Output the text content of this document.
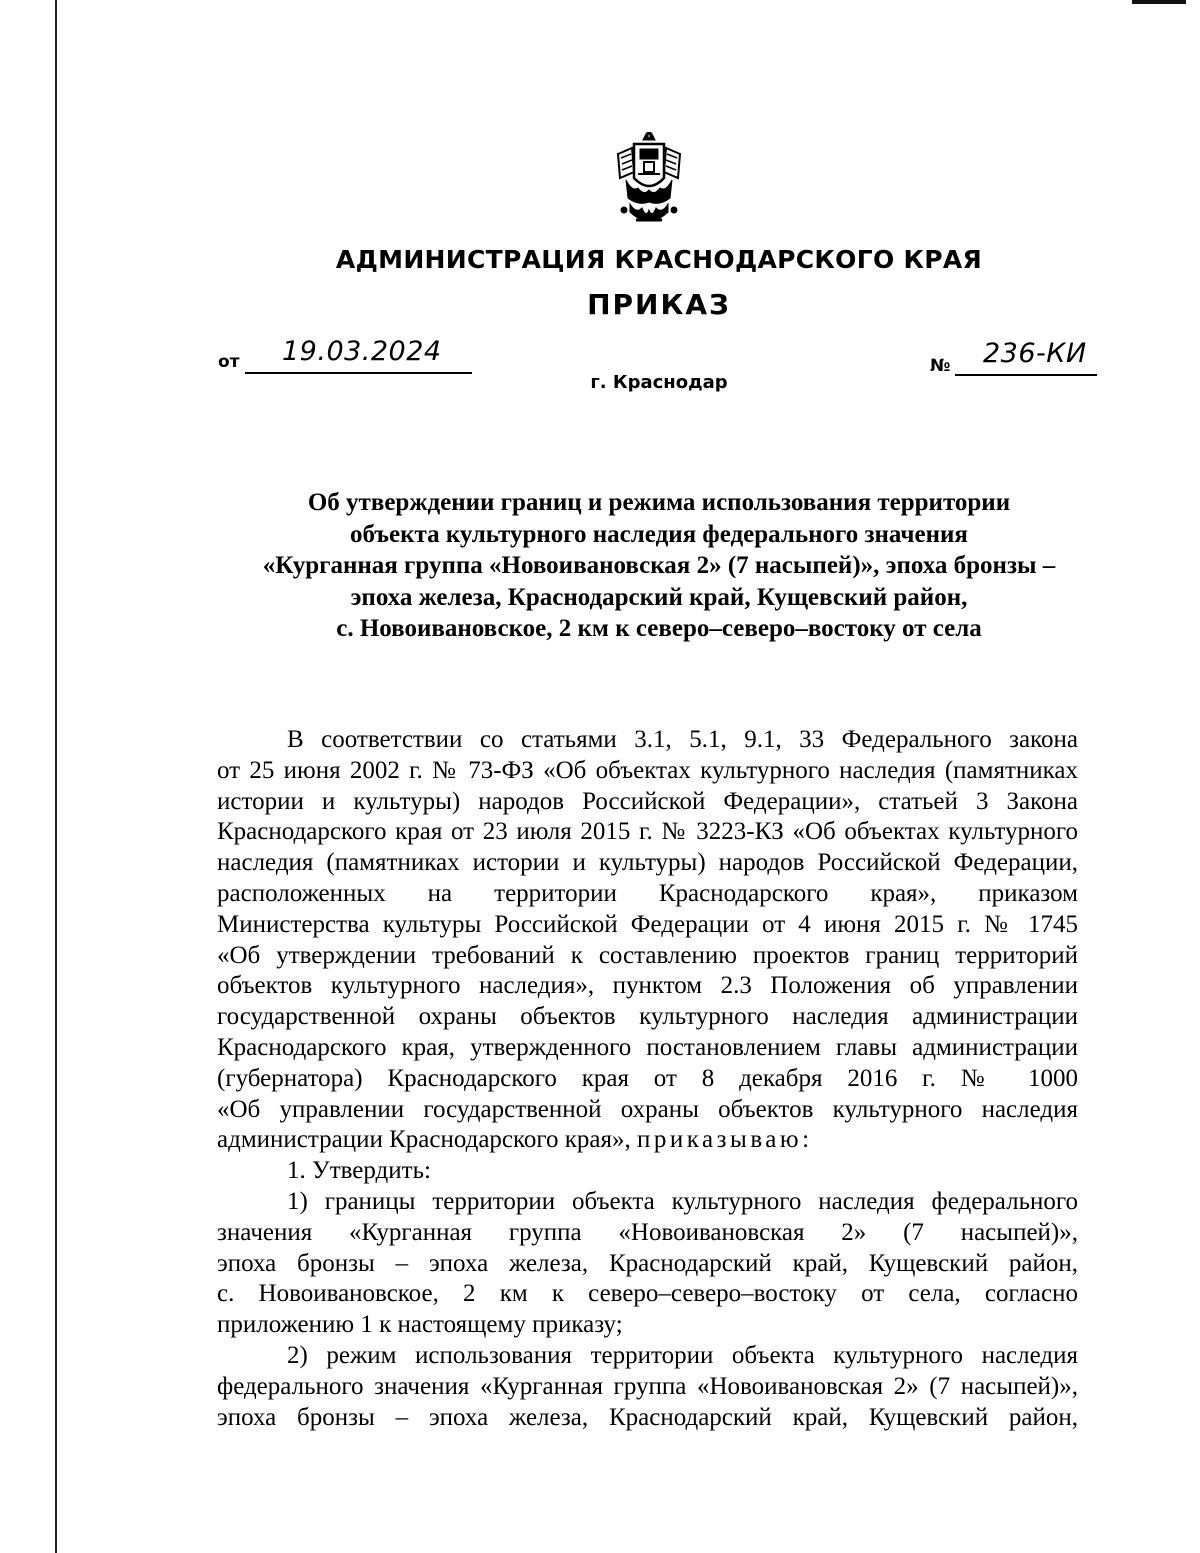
АДМИНИСТРАЦИЯ КРАСНОДАРСКОГО КРАЯ
ПРИКАЗ
от 19.03.2024
г. Краснодар
№ 236-КИ
Об утверждении границ и режима использования территории
объекта культурного наследия федерального значения
«Курганная группа «Новоивановская 2» (7 насыпей)», эпоха бронзы –
эпоха железа, Краснодарский край, Кущевский район,
с. Новоивановское, 2 км к северо–северо–востоку от села
В соответствии со статьями 3.1, 5.1, 9.1, 33 Федерального закона
от 25 июня 2002 г. № 73-ФЗ «Об объектах культурного наследия (памятниках
истории и культуры) народов Российской Федерации», статьей 3 Закона
Краснодарского края от 23 июля 2015 г. № 3223-КЗ «Об объектах культурного
наследия (памятниках истории и культуры) народов Российской Федерации,
расположенных на территории Краснодарского края», приказом
Министерства культуры Российской Федерации от 4 июня 2015 г. № 1745
«Об утверждении требований к составлению проектов границ территорий
объектов культурного наследия», пунктом 2.3 Положения об управлении
государственной охраны объектов культурного наследия администрации
Краснодарского края, утвержденного постановлением главы администрации
(губернатора) Краснодарского края от 8 декабря 2016 г. № 1000
«Об управлении государственной охраны объектов культурного наследия
администрации Краснодарского края», приказываю:
1. Утвердить:
1) границы территории объекта культурного наследия федерального
значения «Курганная группа «Новоивановская 2» (7 насыпей)»,
эпоха бронзы – эпоха железа, Краснодарский край, Кущевский район,
с. Новоивановское, 2 км к северо–северо–востоку от села, согласно
приложению 1 к настоящему приказу;
2) режим использования территории объекта культурного наследия
федерального значения «Курганная группа «Новоивановская 2» (7 насыпей)»,
эпоха бронзы – эпоха железа, Краснодарский край, Кущевский район,
